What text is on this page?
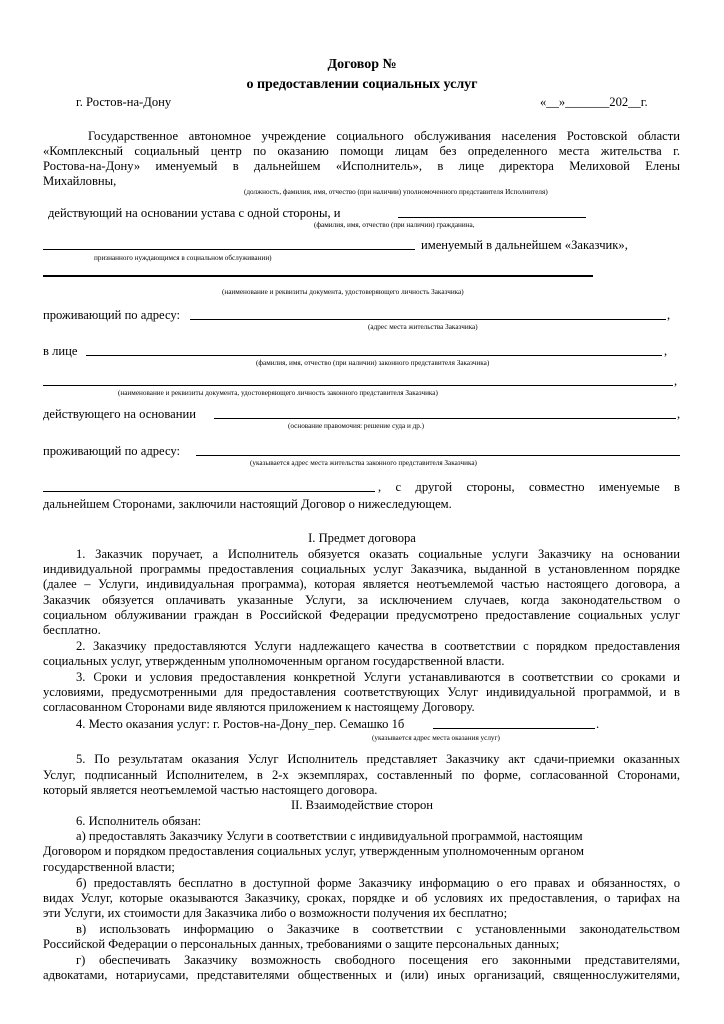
Договор №
о предоставлении социальных услуг
г. Ростов-на-Дону	«__»_______202__г.
Государственное автономное учреждение социального обслуживания населения Ростовской области
«Комплексный социальный центр по оказанию помощи лицам без определенного места жительства г.
Ростова-на-Дону» именуемый в дальнейшем «Исполнитель», в лице директора Мелиховой Елены
Михайловны,
(должность, фамилия, имя, отчество (при наличии) уполномоченного представителя Исполнителя)
действующий на основании устава с одной стороны, и
(фамилия, имя, отчество (при наличии) гражданина,
именуемый в дальнейшем «Заказчик»,
признанного нуждающимся в социальном обслуживании)
(наименование и реквизиты документа, удостоверяющего личность Заказчика)
проживающий по адресу:	,
(адрес места жительства Заказчика)
в лице	,
(фамилия, имя, отчество (при наличии) законного представителя Заказчика)
,
(наименование и реквизиты документа, удостоверяющего личность законного представителя Заказчика)
действующего на основании	,
(основание правомочия: решение суда и др.)
проживающий по адресу:
(указывается адрес места жительства законного представителя Заказчика)
, с другой стороны, совместно именуемые в
дальнейшем Сторонами, заключили настоящий Договор о нижеследующем.
I. Предмет договора
1. Заказчик поручает, а Исполнитель обязуется оказать социальные услуги Заказчику на основании
индивидуальной программы предоставления социальных услуг Заказчика, выданной в установленном порядке
(далее – Услуги, индивидуальная программа), которая является неотъемлемой частью настоящего договора, а
Заказчик обязуется оплачивать указанные Услуги, за исключением случаев, когда законодательством о
социальном облуживании граждан в Российской Федерации предусмотрено предоставление социальных услуг
бесплатно.
2. Заказчику предоставляются Услуги надлежащего качества в соответствии с порядком предоставления
социальных услуг, утвержденным уполномоченным органом государственной власти.
3. Сроки и условия предоставления конкретной Услуги устанавливаются в соответствии со сроками и
условиями, предусмотренными для предоставления соответствующих Услуг индивидуальной программой, и в
согласованном Сторонами виде являются приложением к настоящему Договору.
4. Место оказания услуг: г. Ростов-на-Дону_пер. Семашко 1б	.
(указывается адрес места оказания услуг)
5. По результатам оказания Услуг Исполнитель представляет Заказчику акт сдачи-приемки оказанных
Услуг, подписанный Исполнителем, в 2-х экземплярах, составленный по форме, согласованной Сторонами,
который является неотъемлемой частью настоящего договора.
II. Взаимодействие сторон
6. Исполнитель обязан:
а) предоставлять Заказчику Услуги в соответствии с индивидуальной программой, настоящим
Договором и порядком предоставления социальных услуг, утвержденным уполномоченным органом
государственной власти;
б) предоставлять бесплатно в доступной форме Заказчику информацию о его правах и обязанностях, о
видах Услуг, которые оказываются Заказчику, сроках, порядке и об условиях их предоставления, о тарифах на
эти Услуги, их стоимости для Заказчика либо о возможности получения их бесплатно;
в) использовать информацию о Заказчике в соответствии с установленными законодательством
Российской Федерации о персональных данных, требованиями о защите персональных данных;
г) обеспечивать Заказчику возможность свободного посещения его законными представителями,
адвокатами, нотариусами, представителями общественных и (или) иных организаций, священнослужителями,
